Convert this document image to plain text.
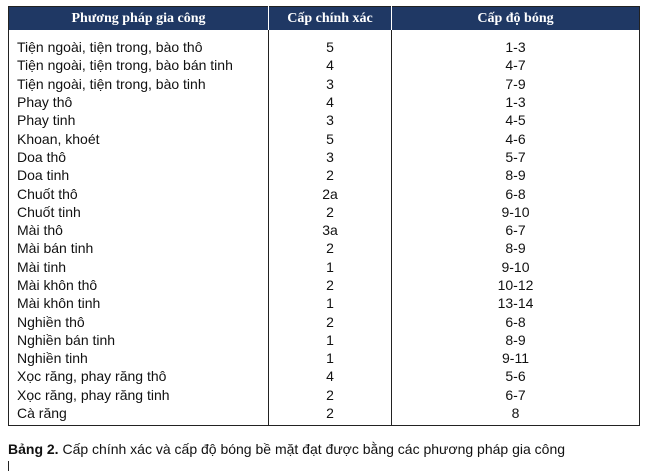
Phương pháp gia công	Cấp chính xác	Cấp độ bóng
Tiện ngoài, tiện trong, bào thô	5	1-3
Tiện ngoài, tiện trong, bào bán tinh	4	4-7
Tiện ngoài, tiện trong, bào tinh	3	7-9
Phay thô	4	1-3
Phay tinh	3	4-5
Khoan, khoét	5	4-6
Doa thô	3	5-7
Doa tinh	2	8-9
Chuốt thô	2a	6-8
Chuốt tinh	2	9-10
Mài thô	3a	6-7
Mài bán tinh	2	8-9
Mài tinh	1	9-10
Mài khôn thô	2	10-12
Mài khôn tinh	1	13-14
Nghiền thô	2	6-8
Nghiền bán tinh	1	8-9
Nghiền tinh	1	9-11
Xọc răng, phay răng thô	4	5-6
Xọc răng, phay răng tinh	2	6-7
Cà răng	2	8
Bảng 2. Cấp chính xác và cấp độ bóng bề mặt đạt được bằng các phương pháp gia công
